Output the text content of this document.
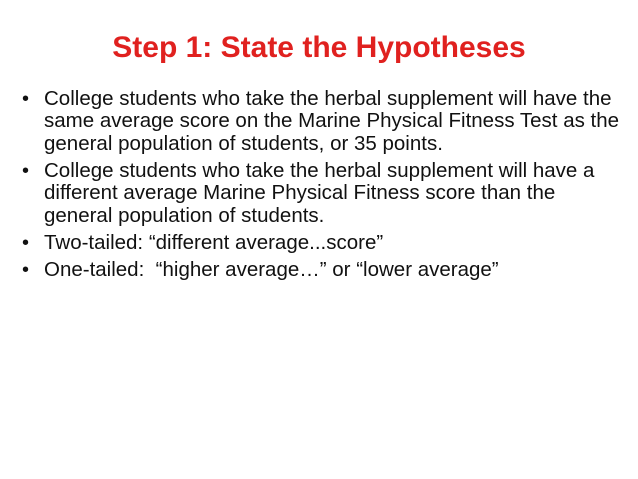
Step 1: State the Hypotheses
• College students who take the herbal supplement will have the same average score on the Marine Physical Fitness Test as the general population of students, or 35 points.
• College students who take the herbal supplement will have a different average Marine Physical Fitness score than the general population of students.
• Two-tailed: “different average...score”
• One-tailed:  “higher average…” or “lower average”
